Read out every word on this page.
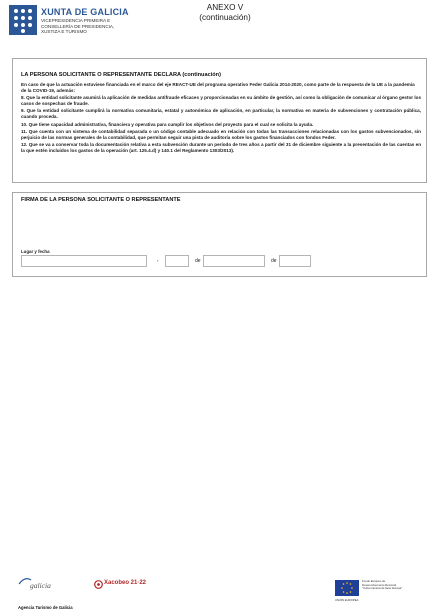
XUNTA DE GALICIA
VICEPRESIDENCIA PRIMEIRA E
CONSELLERÍA DE PRESIDENCIA,
XUSTIZA E TURISMO
ANEXO V
(continuación)
LA PERSONA SOLICITANTE O REPRESENTANTE DECLARA (continuación)
En caso de que la actuación estuviese financiada en el marco del eje REACT-UE del programa operativo Feder Galicia 2014-2020, como parte de la respuesta de la UE a la pandemia de la COVID-19, además:
8. Que la entidad solicitante asumirá la aplicación de medidas antifraude eficaces y proporcionadas en su ámbito de gestión, así como la obligación de comunicar al órgano gestor los casos de sospechas de fraude.
9. Que la entidad solicitante cumplirá la normativa comunitaria, estatal y autonómica de aplicación, en particular, la normativa en materia de subvenciones y contratación pública, cuando proceda.
10. Que tiene capacidad administrativa, financiera y operativa para cumplir los objetivos del proyecto para el cual se solicita la ayuda.
11. Que cuenta con un sistema de contabilidad separada o un código contable adecuado en relación con todas las transacciones relacionadas con los gastos subvencionados, sin perjuicio de las normas generales de la contabilidad, que permitan seguir una pista de auditoría sobre los gastos financiados con fondos Feder.
12. Que se va a conservar toda la documentación relativa a esta subvención durante un período de tres años a partir del 31 de diciembre siguiente a la presentación de las cuentas en la que estén incluidos los gastos de la operación (art. 125.4.d) y 140.1 del Reglamento 1303/2013).
FIRMA DE LA PERSONA SOLICITANTE O REPRESENTANTE
Lugar y fecha
,	de	de
galicia	Xacobeo 21·22
UNIÓN EUROPEA
Fondo Europeo de
Desenvolvemento Rexional
"Unha maneira de facer Europa"
Agencia Turismo de Galicia
